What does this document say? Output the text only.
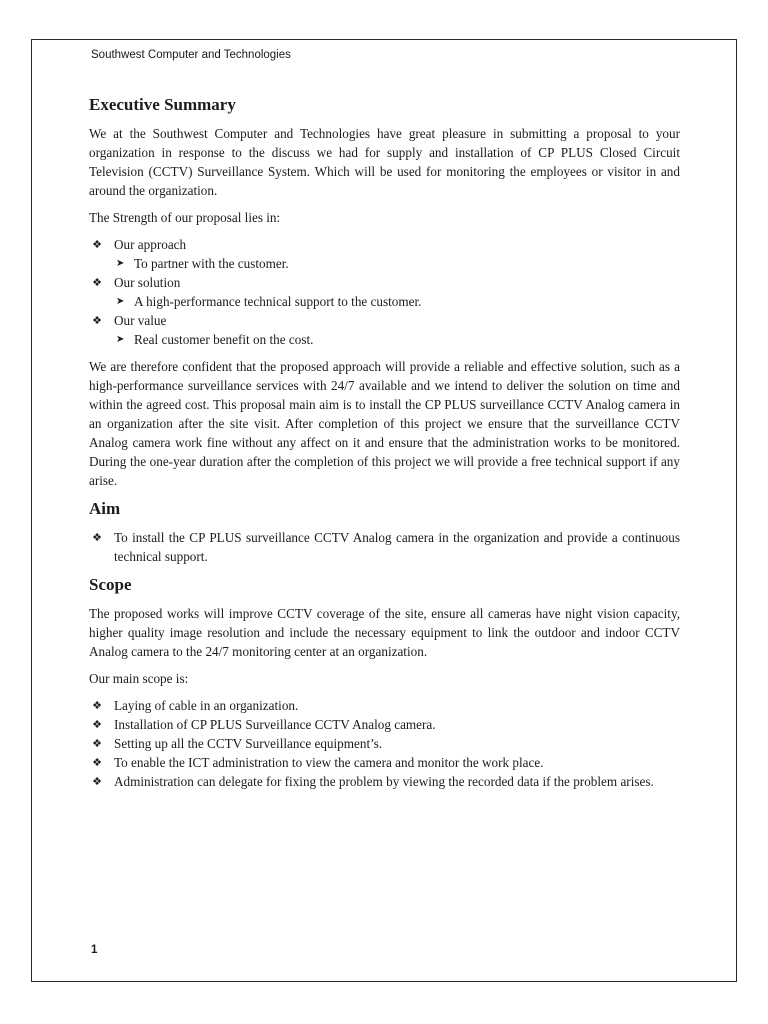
Southwest Computer and Technologies
Executive Summary

We at the Southwest Computer and Technologies have great pleasure in submitting a proposal to your organization in response to the discuss we had for supply and installation of CP PLUS Closed Circuit Television (CCTV) Surveillance System. Which will be used for monitoring the employees or visitor in and around the organization.

The Strength of our proposal lies in:

❖ Our approach
➤ To partner with the customer.
❖ Our solution
➤ A high-performance technical support to the customer.
❖ Our value
➤ Real customer benefit on the cost.

We are therefore confident that the proposed approach will provide a reliable and effective solution, such as a high-performance surveillance services with 24/7 available and we intend to deliver the solution on time and within the agreed cost. This proposal main aim is to install the CP PLUS surveillance CCTV Analog camera in an organization after the site visit. After completion of this project we ensure that the surveillance CCTV Analog camera work fine without any affect on it and ensure that the administration works to be monitored. During the one-year duration after the completion of this project we will provide a free technical support if any arise.

Aim
❖ To install the CP PLUS surveillance CCTV Analog camera in the organization and provide a continuous technical support.
Scope

The proposed works will improve CCTV coverage of the site, ensure all cameras have night vision capacity, higher quality image resolution and include the necessary equipment to link the outdoor and indoor CCTV Analog camera to the 24/7 monitoring center at an organization.

Our main scope is:

❖ Laying of cable in an organization.
❖ Installation of CP PLUS Surveillance CCTV Analog camera.
❖ Setting up all the CCTV Surveillance equipment’s.
❖ To enable the ICT administration to view the camera and monitor the work place.
❖ Administration can delegate for fixing the problem by viewing the recorded data if the problem arises.
1
